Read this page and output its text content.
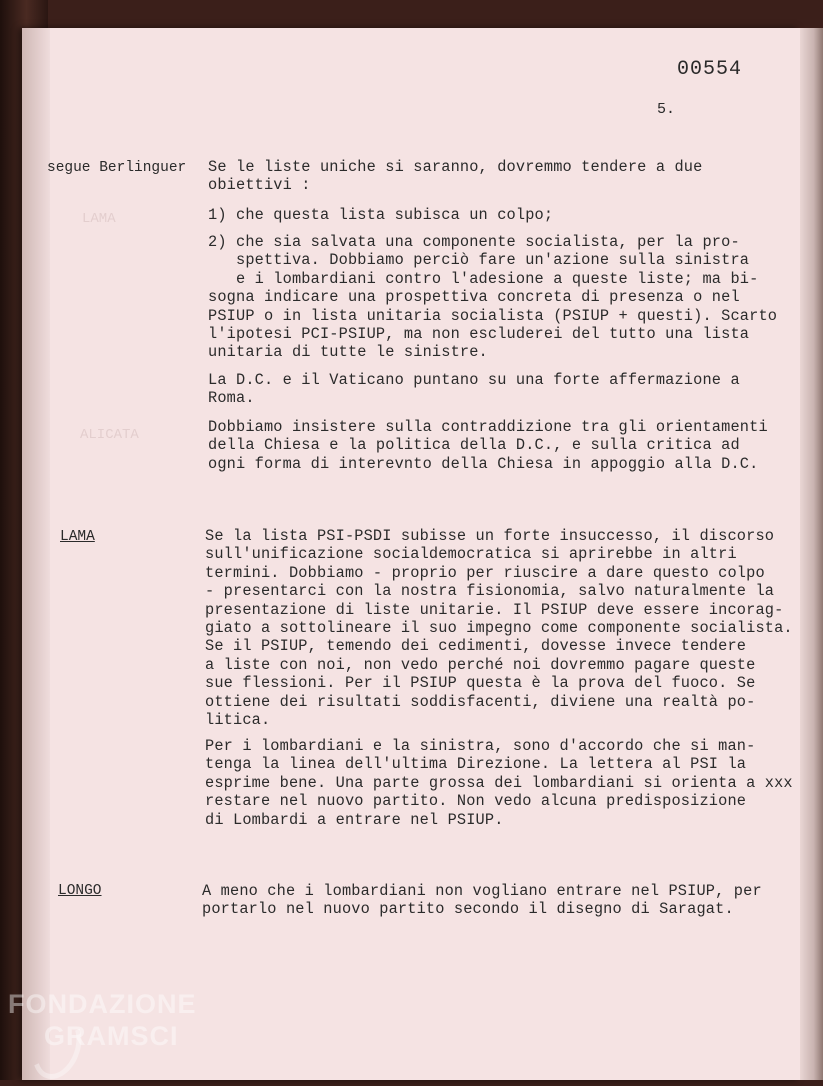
LAMA
ALICATA
00554
5.
segue Berlinguer Se le liste uniche si saranno, dovremmo tendere a due
obiettivi :
1) che questa lista subisca un colpo;
2) che sia salvata una componente socialista, per la pro-
spettiva. Dobbiamo perciò fare un'azione sulla sinistra
e i lombardiani contro l'adesione a queste liste; ma bi-
sogna indicare una prospettiva concreta di presenza o nel
PSIUP o in lista unitaria socialista (PSIUP + questi). Scarto
l'ipotesi PCI-PSIUP, ma non escluderei del tutto una lista
unitaria di tutte le sinistre.
La D.C. e il Vaticano puntano su una forte affermazione a
Roma.
Dobbiamo insistere sulla contraddizione tra gli orientamenti
della Chiesa e la politica della D.C., e sulla critica ad
ogni forma di interevnto della Chiesa in appoggio alla D.C.
LAMA	Se la lista PSI-PSDI subisse un forte insuccesso, il discorso
sull'unificazione socialdemocratica si aprirebbe in altri
termini. Dobbiamo - proprio per riuscire a dare questo colpo
- presentarci con la nostra fisionomia, salvo naturalmente la
presentazione di liste unitarie. Il PSIUP deve essere incorag-
giato a sottolineare il suo impegno come componente socialista.
Se il PSIUP, temendo dei cedimenti, dovesse invece tendere
a liste con noi, non vedo perché noi dovremmo pagare queste
sue flessioni. Per il PSIUP questa è la prova del fuoco. Se
ottiene dei risultati soddisfacenti, diviene una realtà po-
litica.
Per i lombardiani e la sinistra, sono d'accordo che si man-
tenga la linea dell'ultima Direzione. La lettera al PSI la
esprime bene. Una parte grossa dei lombardiani si orienta a xxx
restare nel nuovo partito. Non vedo alcuna predisposizione
di Lombardi a entrare nel PSIUP.
LONGO	A meno che i lombardiani non vogliano entrare nel PSIUP, per
portarlo nel nuovo partito secondo il disegno di Saragat.
FONDAZIONE
GRAMSCI
